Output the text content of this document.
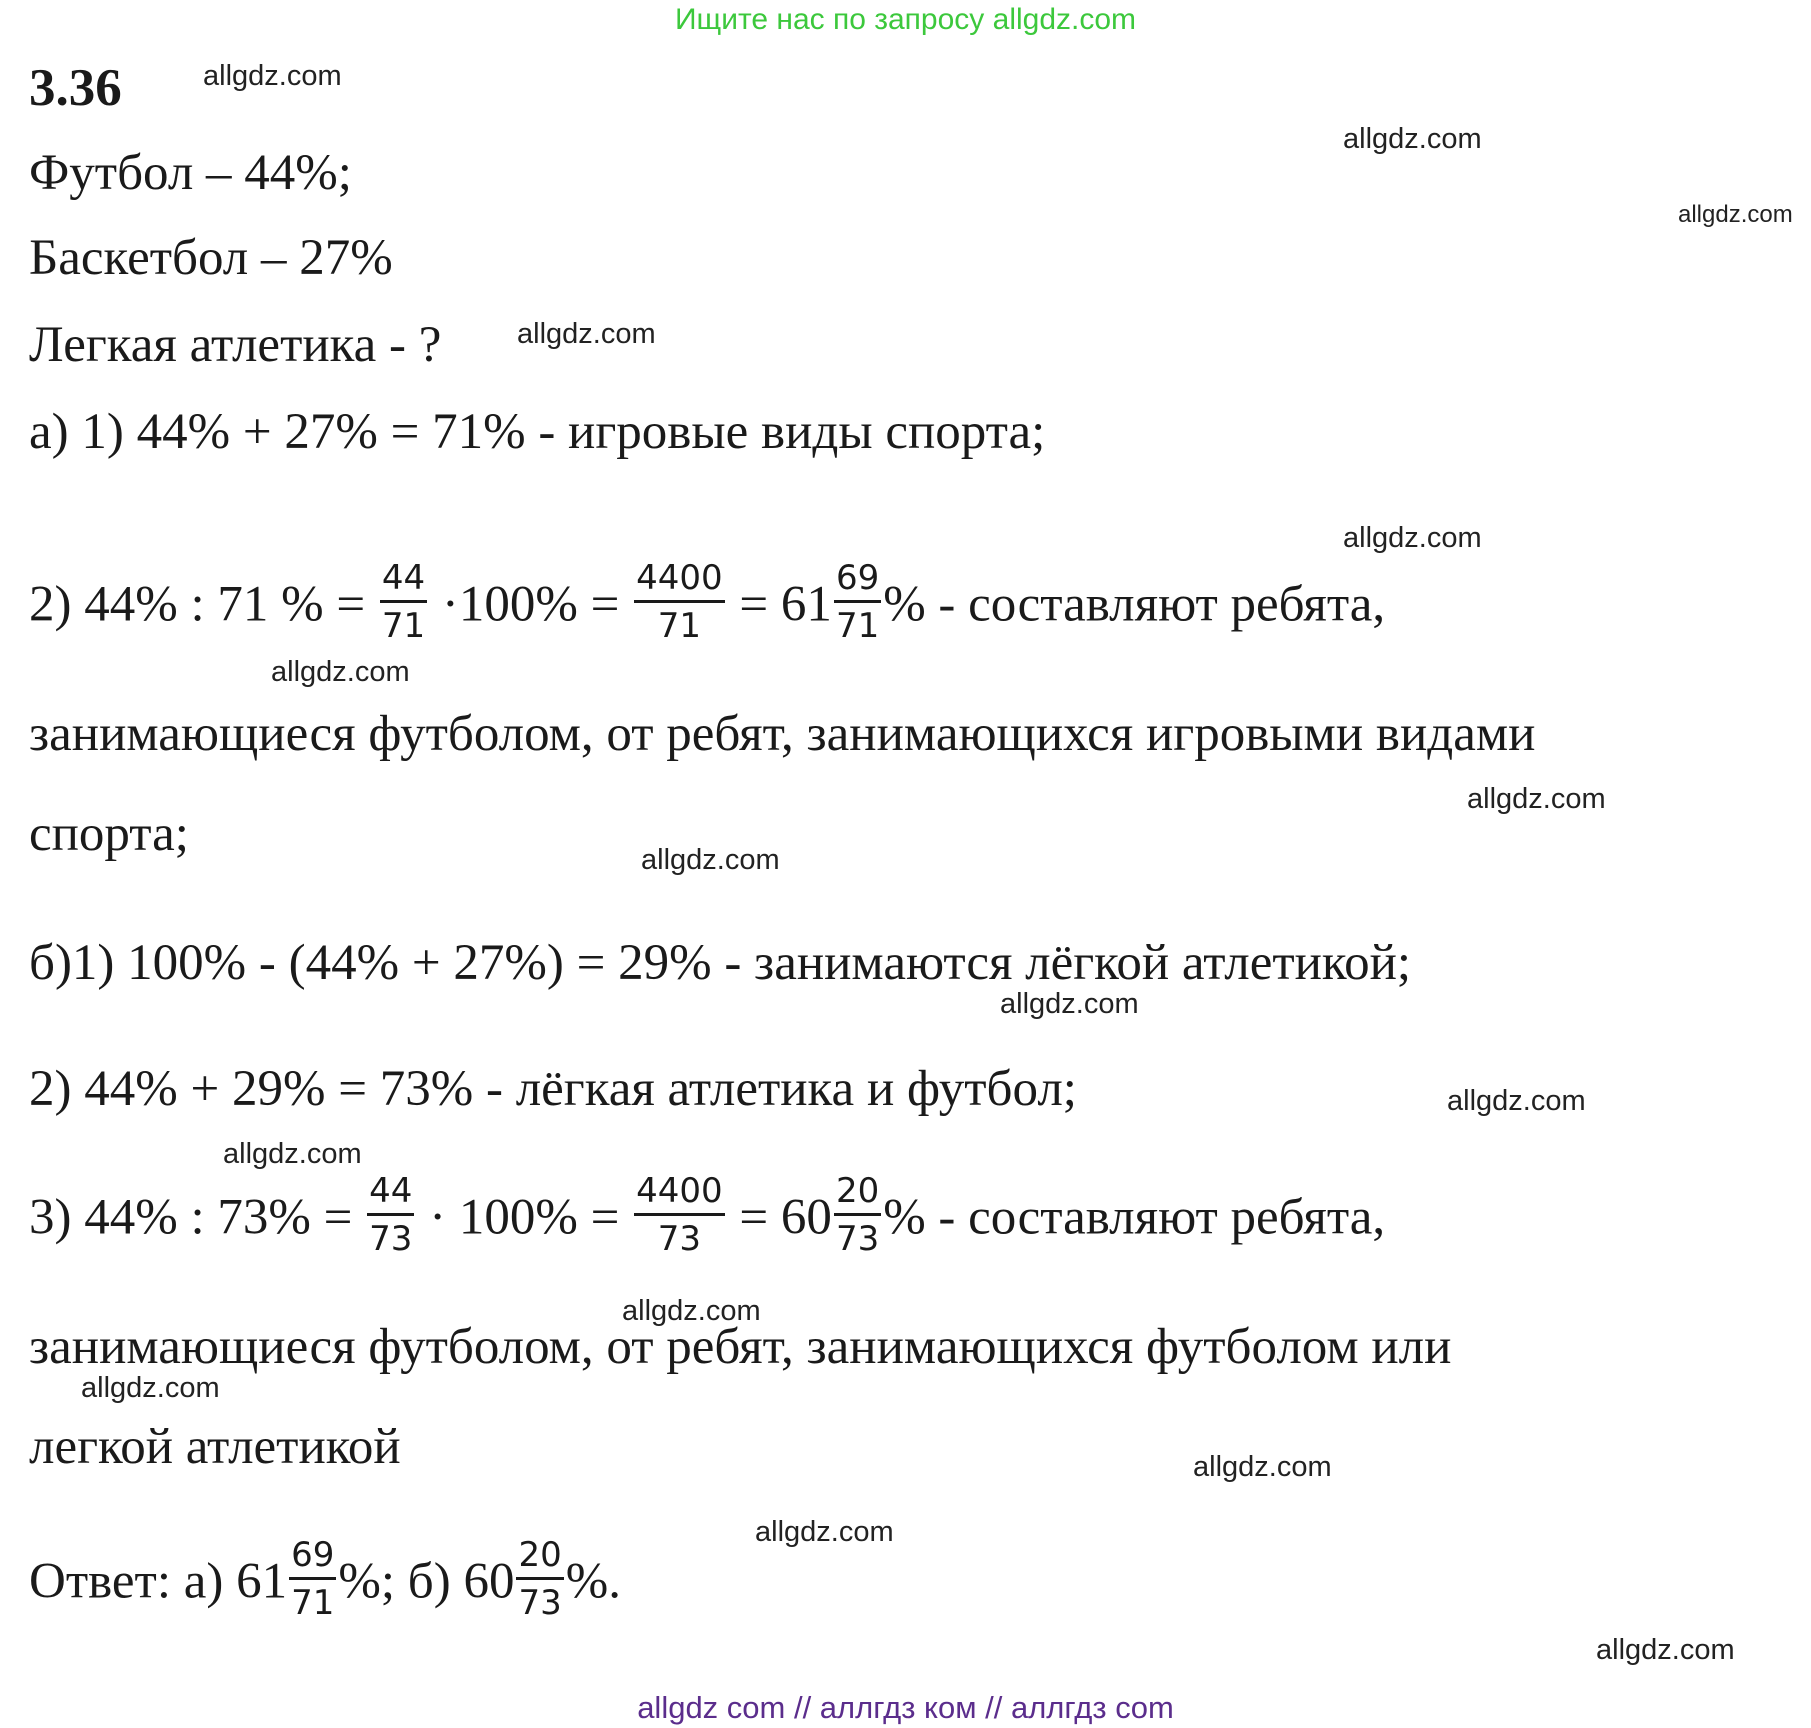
Ищите нас по запросу allgdz.com
3.36
Футбол – 44%;
Баскетбол – 27%
Легкая атлетика - ?
а) 1) 44% + 27% = 71% - игровые виды спорта;
2) 44% : 71 % = $\frac{44}{71} \cdot 100\% = \frac{4400}{71} = 61 \frac{69}{71}$ % - составляют ребята,
занимающиеся футболом, от ребят, занимающихся игровыми видами
спорта;
б)1) 100% - (44% + 27%) = 29% - занимаются лёгкой атлетикой;
2) 44% + 29% = 73% - лёгкая атлетика и футбол;
3) 44% : $73\% = \frac{44}{73} \cdot 100\% = \frac{4400}{73} = 60 \frac{20}{73}$ % - составляют ребята,
занимающиеся футболом, от ребят, занимающихся футболом или
легкой атлетикой
Ответ: а) $61 \frac{69}{71}$ %; б) $60 \frac{20}{73}$ %.
allgdz.com
allgdz.com
allgdz.com
allgdz.com
allgdz.com
allgdz.com
allgdz.com
allgdz.com
allgdz.com
allgdz.com
allgdz.com
allgdz.com
allgdz.com
allgdz.com
allgdz.com
allgdz.com
allgdz com // аллгдз ком // аллгдз com
